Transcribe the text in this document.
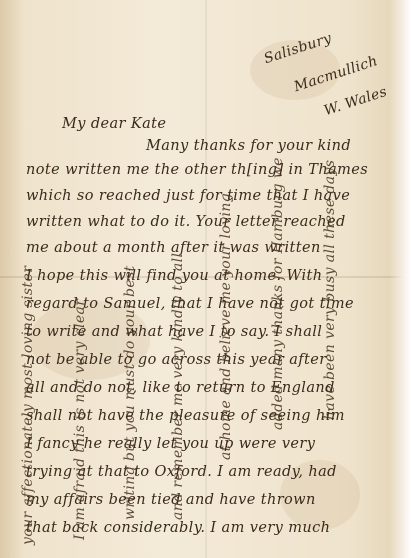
Salisbury
Macmullich
W. Wales
My dear Kate
Many thanks for your kind
note written me the other th[ing] in Thames
which so reached just for time that I have
written what to do it. Your letter reached
me about a month after it was written
I hope this will find you at home. With
regard to Samuel, that I have not got time
to write and what have I to say. I shall
not be able to go across this year after
all and do not, like to return to England
shall not have the pleasure of seeing him
I fancy he really let you up were very
trying at that to Oxford. I am ready, had
my affairs been tied and have thrown
that back considerably. I am very much
your affectionately most loving sister	I am afraid this is not very clear writing but you must do your best and remember me very kindly to all at home and believe me your loving	added many thanks for Hamburg we	have been very busy all these days
